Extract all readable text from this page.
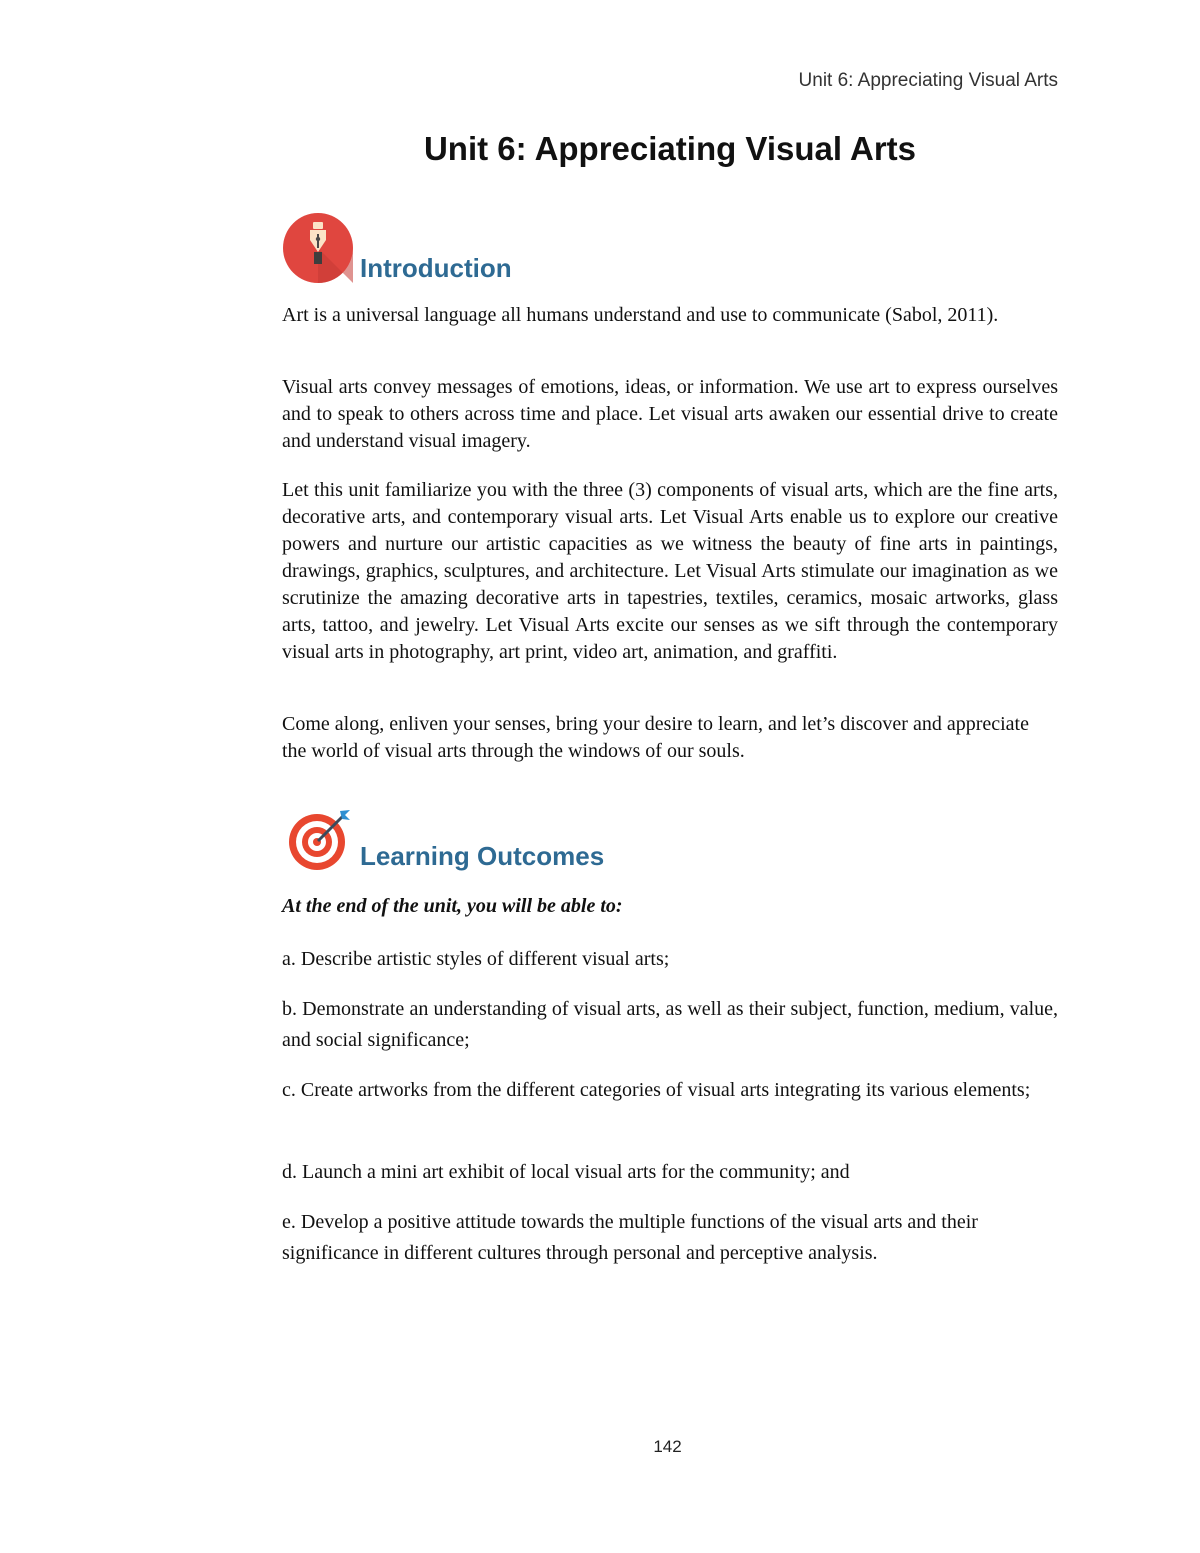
Unit 6: Appreciating Visual Arts
Unit 6: Appreciating Visual Arts
Introduction

Art is a universal language all humans understand and use to communicate (Sabol, 2011).

Visual arts convey messages of emotions, ideas, or information. We use art to express ourselves and to speak to others across time and place. Let visual arts awaken our essential drive to create and understand visual imagery.

Let this unit familiarize you with the three (3) components of visual arts, which are the fine arts, decorative arts, and contemporary visual arts. Let Visual Arts enable us to explore our creative powers and nurture our artistic capacities as we witness the beauty of fine arts in paintings, drawings, graphics, sculptures, and architecture. Let Visual Arts stimulate our imagination as we scrutinize the amazing decorative arts in tapestries, textiles, ceramics, mosaic artworks, glass arts, tattoo, and jewelry. Let Visual Arts excite our senses as we sift through the contemporary visual arts in photography, art print, video art, animation, and graffiti.

Come along, enliven your senses, bring your desire to learn, and let’s discover and appreciate the world of visual arts through the windows of our souls.

Learning Outcomes

At the end of the unit, you will be able to:

a. Describe artistic styles of different visual arts;

b. Demonstrate an understanding of visual arts, as well as their subject, function, medium, value, and social significance;

c. Create artworks from the different categories of visual arts integrating its various elements;

d. Launch a mini art exhibit of local visual arts for the community; and

e. Develop a positive attitude towards the multiple functions of the visual arts and their significance in different cultures through personal and perceptive analysis.

142
